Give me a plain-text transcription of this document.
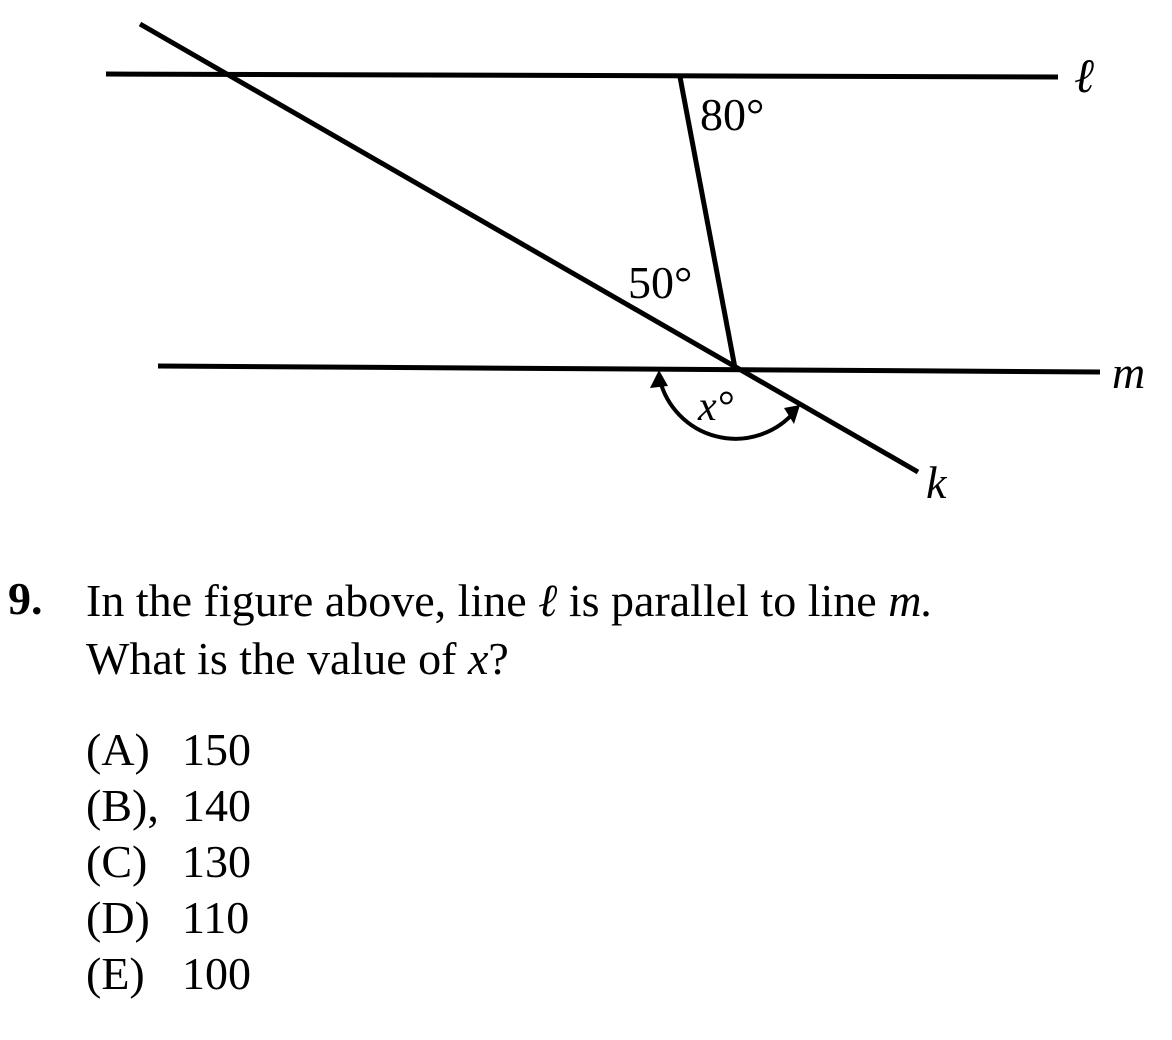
80°
50°
x°
ℓ
m
k
9. In the figure above, line ℓ is parallel to line m.
What is the value of x?
(A) 150
(B), 140
(C) 130
(D) 110
(E) 100
